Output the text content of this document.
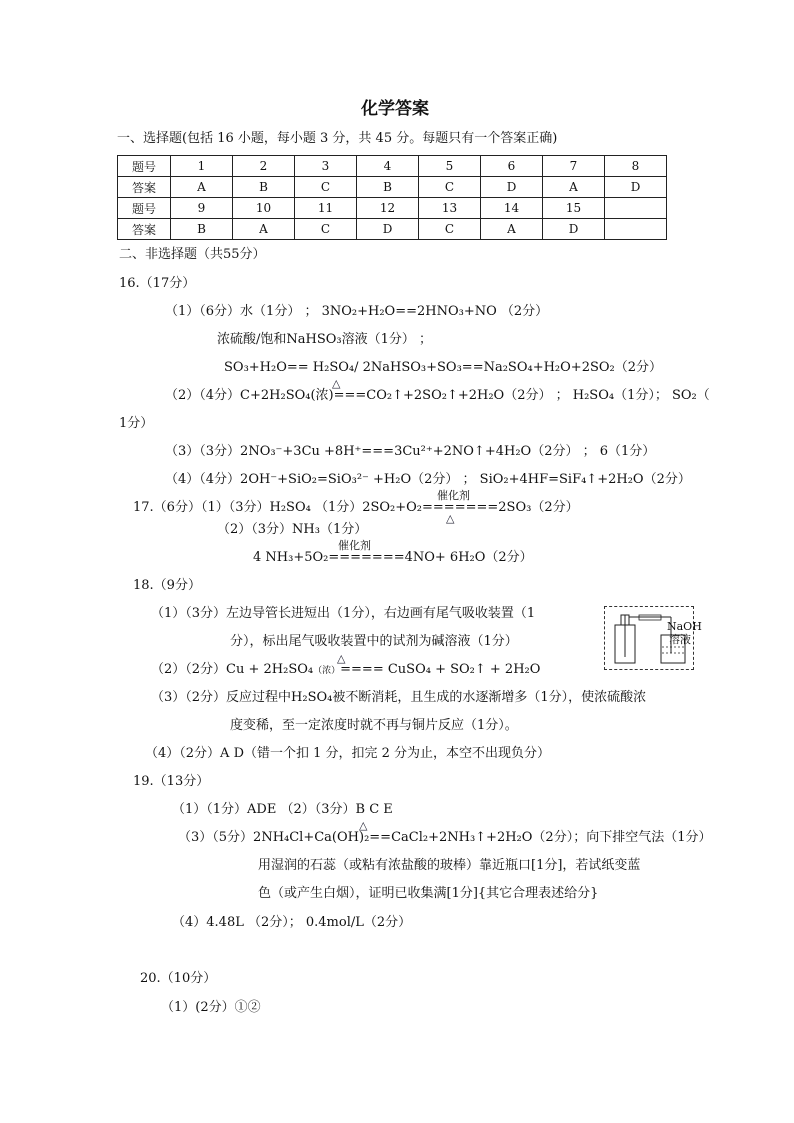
化学答案
一、选择题(包括 16 小题，每小题 3 分，共 45 分。每题只有一个答案正确)
题号	1	2	3	4	5	6	7	8
答案	A	B	C	B	C	D	A	D
题号	9	10	11	12	13	14	15	
答案	B	A	C	D	C	A	D	
二、非选择题（共55分）
16.（17分）
（1）（6分）水（1分） ； 3NO₂+H₂O==2HNO₃+NO （2分）
浓硫酸/饱和NaHSO₃溶液（1分） ；
SO₃+H₂O== H₂SO₄/ 2NaHSO₃+SO₃==Na₂SO₄+H₂O+2SO₂（2分）
△
（2）（4分）C+2H₂SO₄(浓)===CO₂↑+2SO₂↑+2H₂O（2分） ； H₂SO₄（1分）； SO₂（
1分）
（3）（3分）2NO₃⁻+3Cu +8H⁺===3Cu²⁺+2NO↑+4H₂O（2分） ； 6（1分）
（4）（4分）2OH⁻+SiO₂=SiO₃²⁻ +H₂O（2分） ； SiO₂+4HF=SiF₄↑+2H₂O（2分）
催化剂
17.（6分）（1）（3分）H₂SO₄ （1分）2SO₂+O₂=======2SO₃（2分）
△
（2）（3分）NH₃（1分）
催化剂
4 NH₃+5O₂=======4NO+ 6H₂O（2分）
18.（9分）
（1）（3分）左边导管长进短出（1分），右边画有尾气吸收装置（1
分），标出尾气吸收装置中的试剂为碱溶液（1分）
NaOH
溶液
△
（2）（2分）Cu + 2H₂SO₄（浓）==== CuSO₄ + SO₂↑ + 2H₂O
（3）（2分）反应过程中H₂SO₄被不断消耗，且生成的水逐渐增多（1分），使浓硫酸浓
度变稀，至一定浓度时就不再与铜片反应（1分）。
（4）（2分）A D（错一个扣 1 分，扣完 2 分为止，本空不出现负分）
19.（13分）
（1）（1分）ADE （2）（3分）B C E
△
（3）（5分）2NH₄Cl+Ca(OH)₂==CaCl₂+2NH₃↑+2H₂O（2分）；向下排空气法（1分）
用湿润的石蕊（或粘有浓盐酸的玻棒）靠近瓶口[1分]，若试纸变蓝
色（或产生白烟），证明已收集满[1分]{其它合理表述给分}
（4）4.48L （2分）； 0.4mol/L（2分）
20.（10分）
（1）(2分）①②
